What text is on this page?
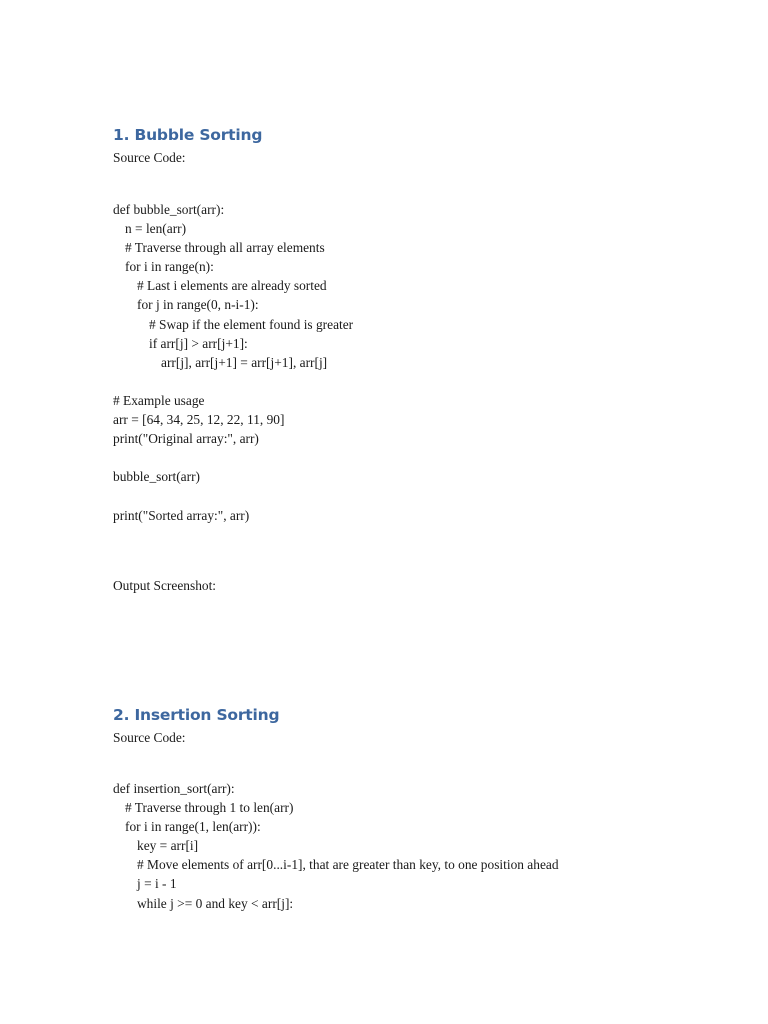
1. Bubble Sorting

Source Code:

def bubble_sort(arr):
n = len(arr)
# Traverse through all array elements
for i in range(n):
# Last i elements are already sorted
for j in range(0, n-i-1):
# Swap if the element found is greater
if arr[j] > arr[j+1]:
arr[j], arr[j+1] = arr[j+1], arr[j]
# Example usage
arr = [64, 34, 25, 12, 22, 11, 90]
print("Original array:", arr)
bubble_sort(arr)
print("Sorted array:", arr)

Output Screenshot:

2. Insertion Sorting

Source Code:

def insertion_sort(arr):
# Traverse through 1 to len(arr)
for i in range(1, len(arr)):
key = arr[i]
# Move elements of arr[0...i-1], that are greater than key, to one position ahead
j = i - 1
while j >= 0 and key < arr[j]:
